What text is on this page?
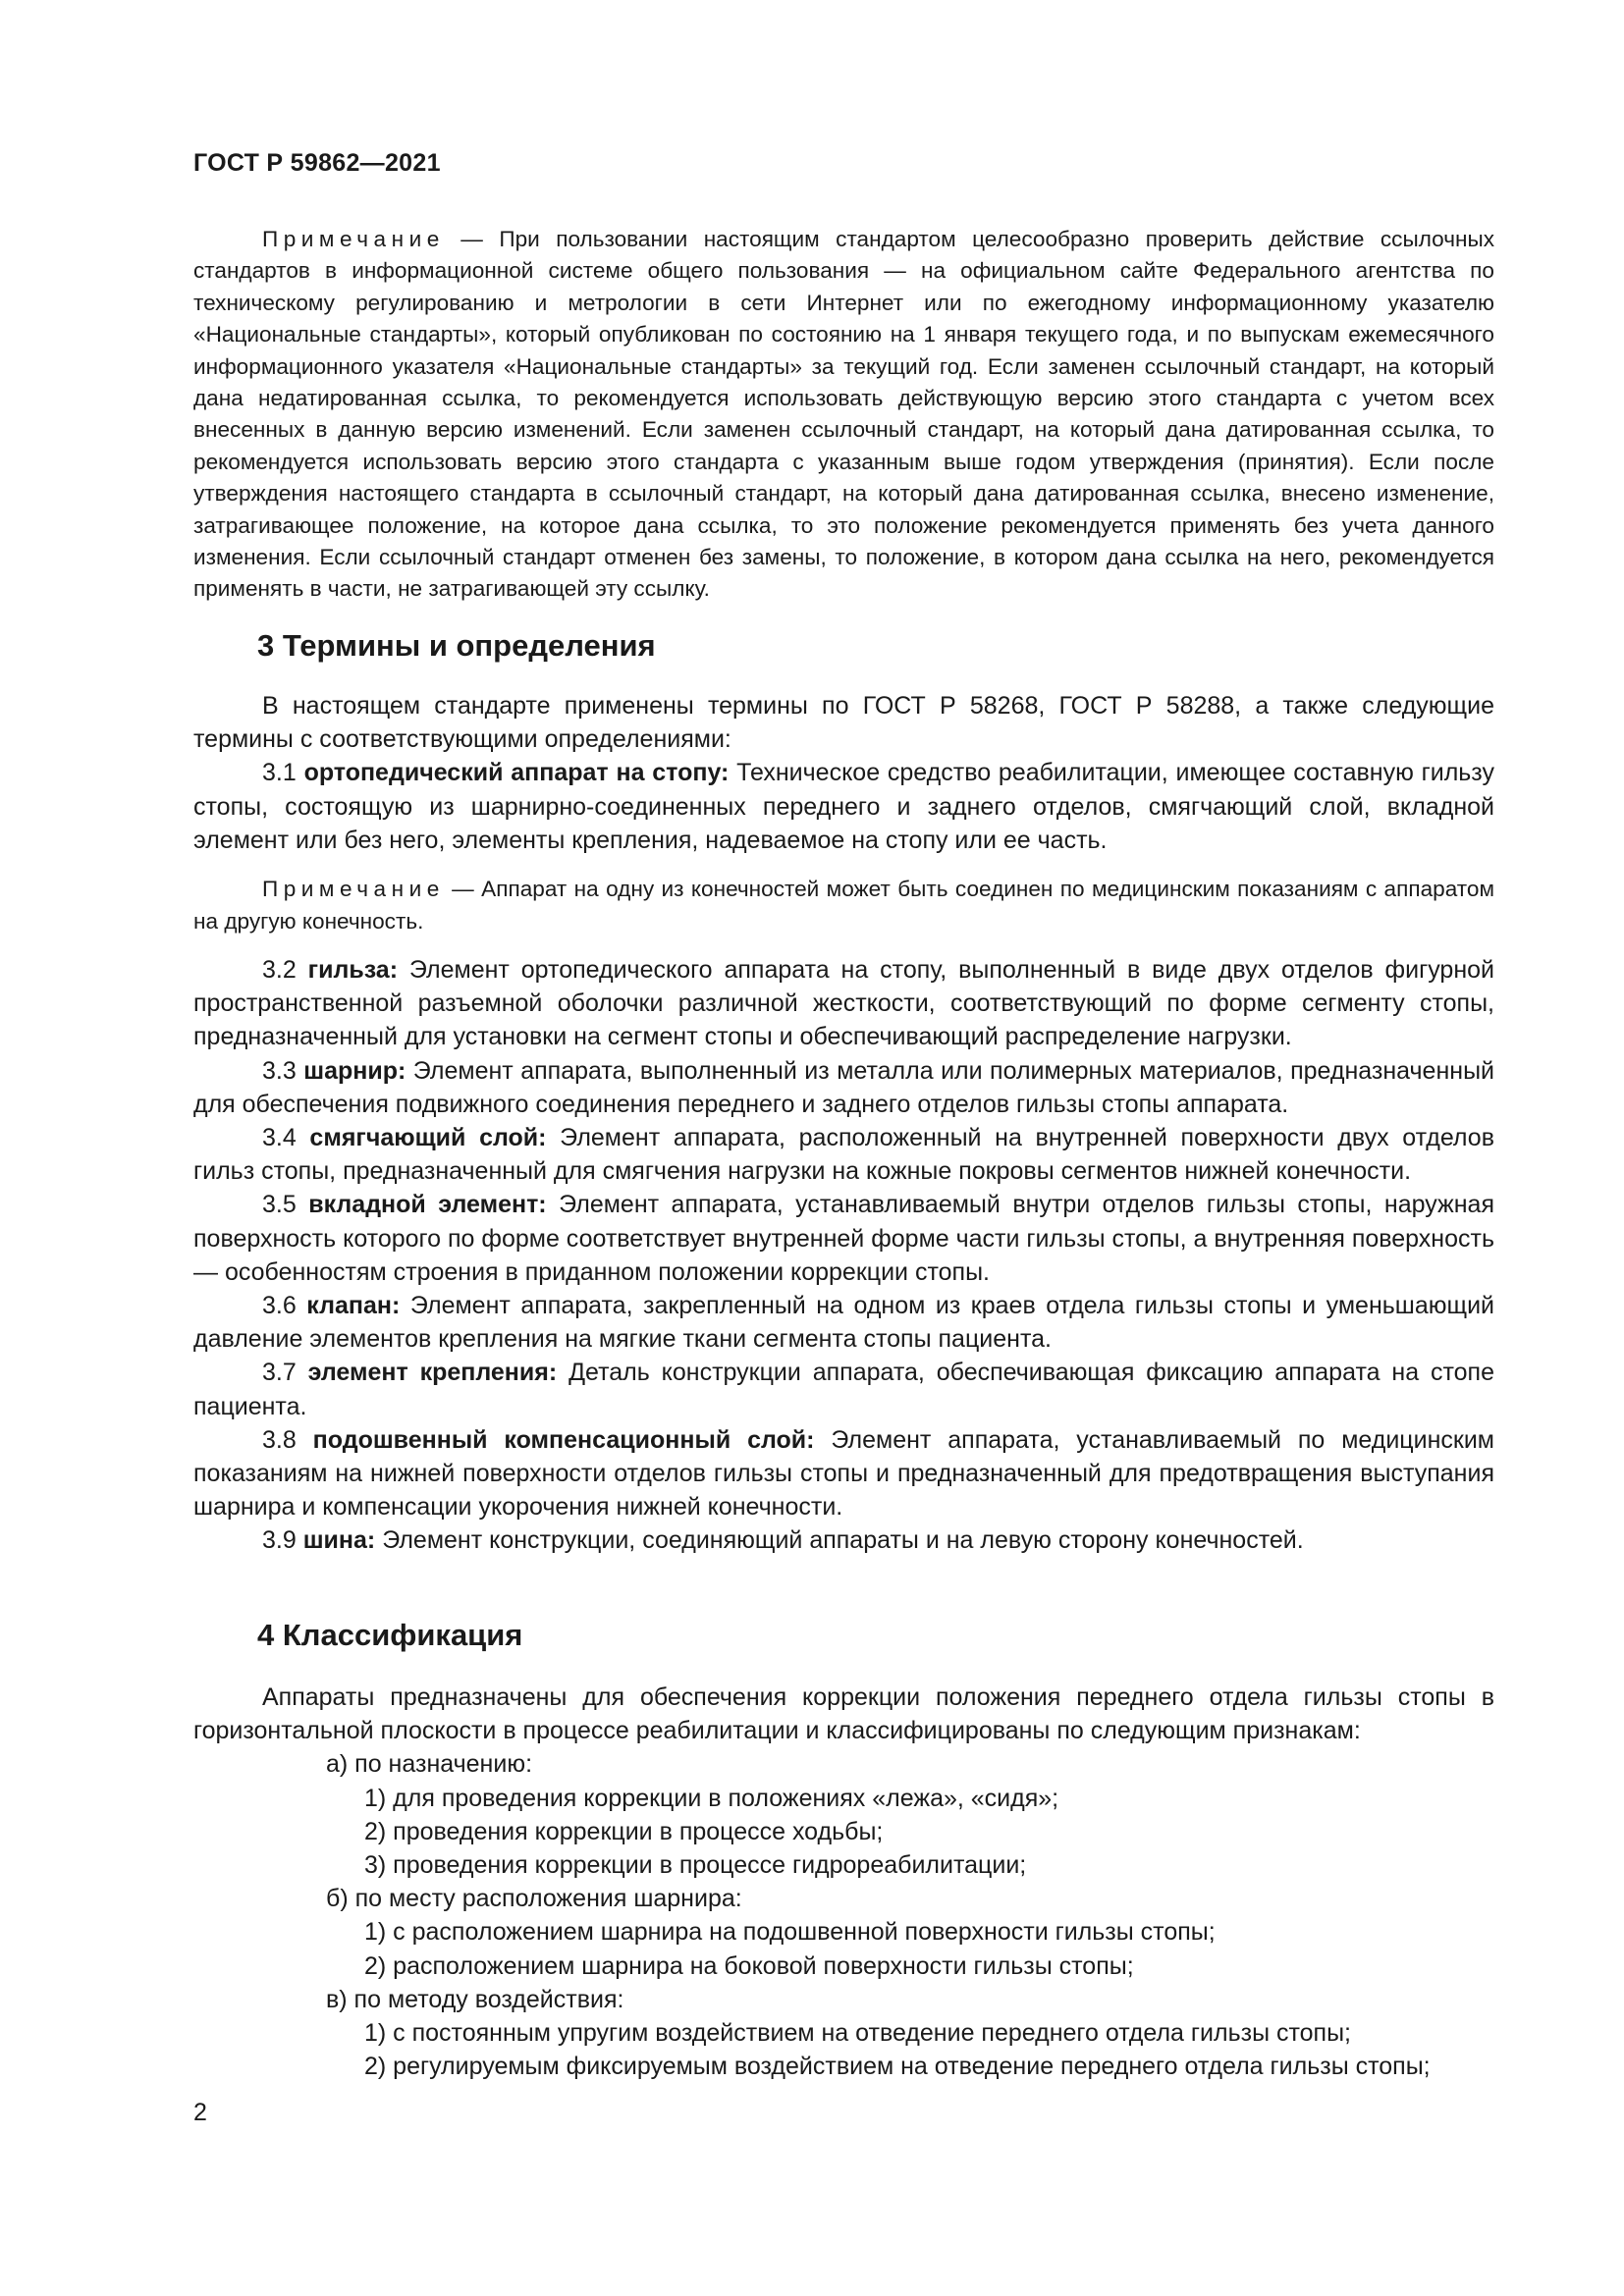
ГОСТ Р 59862—2021

Примечание — При пользовании настоящим стандартом целесообразно проверить действие ссылочных стандартов в информационной системе общего пользования — на официальном сайте Федерального агентства по техническому регулированию и метрологии в сети Интернет или по ежегодному информационному указателю «Национальные стандарты», который опубликован по состоянию на 1 января текущего года, и по выпускам ежемесячного информационного указателя «Национальные стандарты» за текущий год. Если заменен ссылочный стандарт, на который дана недатированная ссылка, то рекомендуется использовать действующую версию этого стандарта с учетом всех внесенных в данную версию изменений. Если заменен ссылочный стандарт, на который дана датированная ссылка, то рекомендуется использовать версию этого стандарта с указанным выше годом утверждения (принятия). Если после утверждения настоящего стандарта в ссылочный стандарт, на который дана датированная ссылка, внесено изменение, затрагивающее положение, на которое дана ссылка, то это положение рекомендуется применять без учета данного изменения. Если ссылочный стандарт отменен без замены, то положение, в котором дана ссылка на него, рекомендуется применять в части, не затрагивающей эту ссылку.

3 Термины и определения

В настоящем стандарте применены термины по ГОСТ Р 58268, ГОСТ Р 58288, а также следующие термины с соответствующими определениями:

3.1 ортопедический аппарат на стопу: Техническое средство реабилитации, имеющее составную гильзу стопы, состоящую из шарнирно-соединенных переднего и заднего отделов, смягчающий слой, вкладной элемент или без него, элементы крепления, надеваемое на стопу или ее часть.

Примечание — Аппарат на одну из конечностей может быть соединен по медицинским показаниям с аппаратом на другую конечность.

3.2 гильза: Элемент ортопедического аппарата на стопу, выполненный в виде двух отделов фигурной пространственной разъемной оболочки различной жесткости, соответствующий по форме сегменту стопы, предназначенный для установки на сегмент стопы и обеспечивающий распределение нагрузки.

3.3 шарнир: Элемент аппарата, выполненный из металла или полимерных материалов, предназначенный для обеспечения подвижного соединения переднего и заднего отделов гильзы стопы аппарата.

3.4 смягчающий слой: Элемент аппарата, расположенный на внутренней поверхности двух отделов гильз стопы, предназначенный для смягчения нагрузки на кожные покровы сегментов нижней конечности.

3.5 вкладной элемент: Элемент аппарата, устанавливаемый внутри отделов гильзы стопы, наружная поверхность которого по форме соответствует внутренней форме части гильзы стопы, а внутренняя поверхность — особенностям строения в приданном положении коррекции стопы.

3.6 клапан: Элемент аппарата, закрепленный на одном из краев отдела гильзы стопы и уменьшающий давление элементов крепления на мягкие ткани сегмента стопы пациента.

3.7 элемент крепления: Деталь конструкции аппарата, обеспечивающая фиксацию аппарата на стопе пациента.

3.8 подошвенный компенсационный слой: Элемент аппарата, устанавливаемый по медицинским показаниям на нижней поверхности отделов гильзы стопы и предназначенный для предотвращения выступания шарнира и компенсации укорочения нижней конечности.

3.9 шина: Элемент конструкции, соединяющий аппараты и на левую сторону конечностей.

4 Классификация

Аппараты предназначены для обеспечения коррекции положения переднего отдела гильзы стопы в горизонтальной плоскости в процессе реабилитации и классифицированы по следующим признакам:

а) по назначению:

1) для проведения коррекции в положениях «лежа», «сидя»;

2) проведения коррекции в процессе ходьбы;

3) проведения коррекции в процессе гидрореабилитации;

б) по месту расположения шарнира:

1) с расположением шарнира на подошвенной поверхности гильзы стопы;

2) расположением шарнира на боковой поверхности гильзы стопы;

в) по методу воздействия:

1) с постоянным упругим воздействием на отведение переднего отдела гильзы стопы;

2) регулируемым фиксируемым воздействием на отведение переднего отдела гильзы стопы;

2
